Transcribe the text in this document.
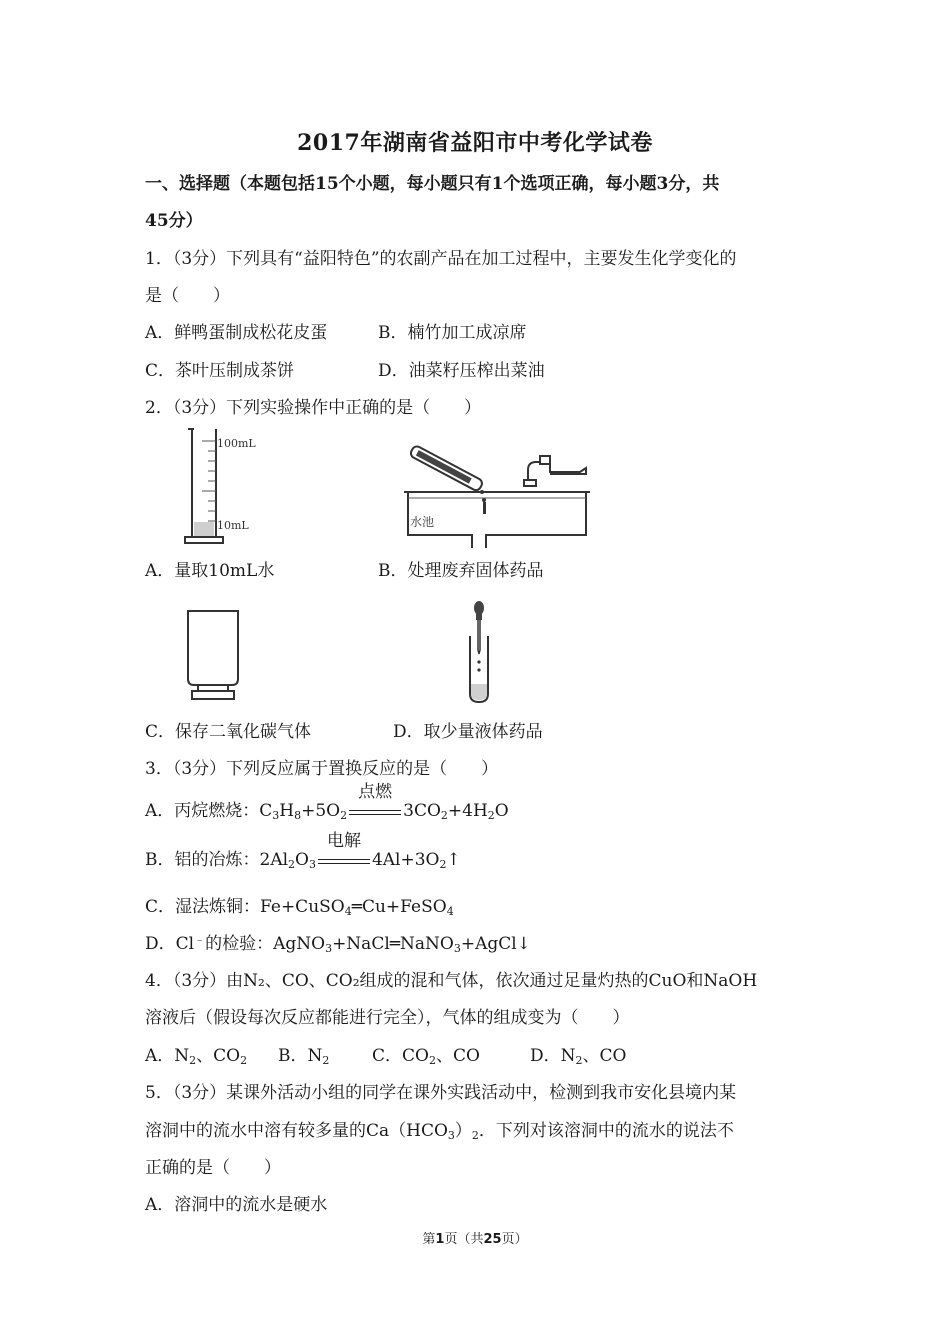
2017年湖南省益阳市中考化学试卷
一、选择题（本题包括15个小题，每小题只有1个选项正确，每小题3分，共
45分）
1．（3分）下列具有“益阳特色”的农副产品在加工过程中，主要发生化学变化的
是（　　）
A．鲜鸭蛋制成松花皮蛋	B．楠竹加工成凉席
C．茶叶压制成茶饼	D．油菜籽压榨出菜油
2．（3分）下列实验操作中正确的是（　　）
100mL
10mL	水池
A．量取10mL水	B．处理废弃固体药品
C．保存二氧化碳气体	D．取少量液体药品
3．（3分）下列反应属于置换反应的是（　　）
A．丙烷燃烧：$C_3H_8+5O_2$
点燃
$3CO_2+4H_2O$
B．铝的冶炼：$2Al_2O_3$
电解
$4Al+3O_2↑$
C．湿法炼铜：Fe+CuSO$_4$═Cu+FeSO$_4$
D．Cl﹣的检验：AgNO$_3$+NaCl═NaNO$_3$+AgCl↓
4．（3分）由N₂、CO、CO₂组成的混和气体，依次通过足量灼热的CuO和NaOH
溶液后（假设每次反应都能进行完全），气体的组成变为（　　）
A．$N_2$、$CO_2$ B．$N_2$	C．$CO_2$、CO	D．$N_2$、CO
5．（3分）某课外活动小组的同学在课外实践活动中，检测到我市安化县境内某
溶洞中的流水中溶有较多量的$Ca(HCO_3)_2$．下列对该溶洞中的流水的说法不
正确的是（　　）
A．溶洞中的流水是硬水
第1页（共25页）
